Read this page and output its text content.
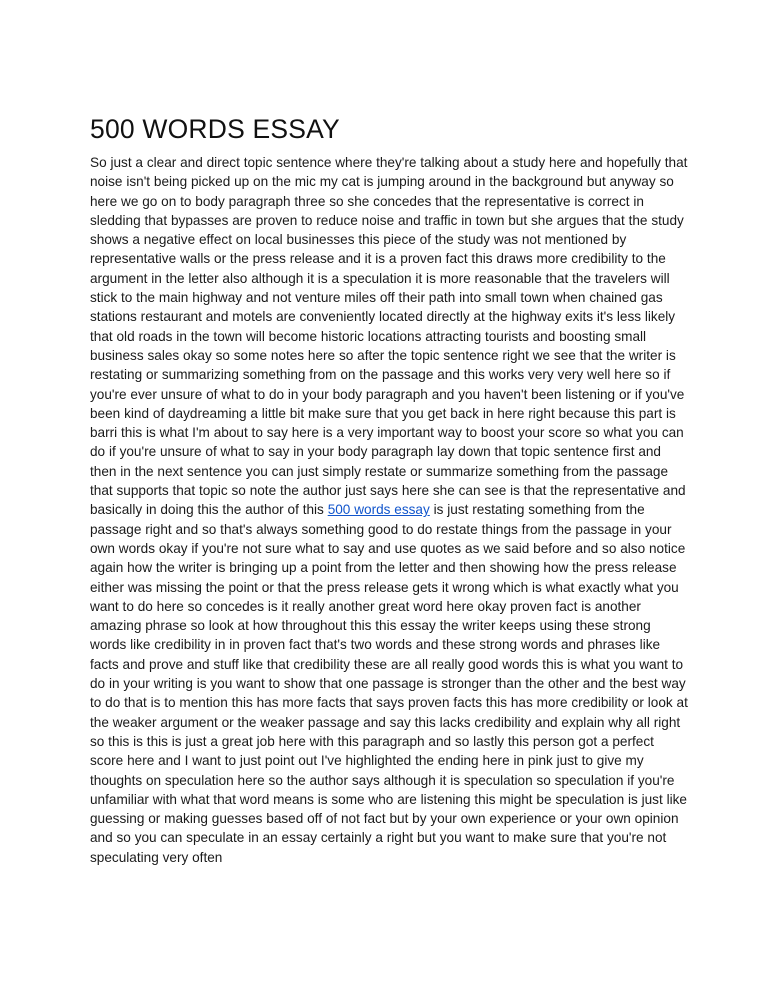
500 WORDS ESSAY

So just a clear and direct topic sentence where they're talking about a study here and hopefully that noise isn't being picked up on the mic my cat is jumping around in the background but anyway so here we go on to body paragraph three so she concedes that the representative is correct in sledding that bypasses are proven to reduce noise and traffic in town but she argues that the study shows a negative effect on local businesses this piece of the study was not mentioned by representative walls or the press release and it is a proven fact this draws more credibility to the argument in the letter also although it is a speculation it is more reasonable that the travelers will stick to the main highway and not venture miles off their path into small town when chained gas stations restaurant and motels are conveniently located directly at the highway exits it's less likely that old roads in the town will become historic locations attracting tourists and boosting small business sales okay so some notes here so after the topic sentence right we see that the writer is restating or summarizing something from on the passage and this works very very well here so if you're ever unsure of what to do in your body paragraph and you haven't been listening or if you've been kind of daydreaming a little bit make sure that you get back in here right because this part is barri this is what I'm about to say here is a very important way to boost your score so what you can do if you're unsure of what to say in your body paragraph lay down that topic sentence first and then in the next sentence you can just simply restate or summarize something from the passage that supports that topic so note the author just says here she can see is that the representative and basically in doing this the author of this 500 words essay is just restating something from the passage right and so that's always something good to do restate things from the passage in your own words okay if you're not sure what to say and use quotes as we said before and so also notice again how the writer is bringing up a point from the letter and then showing how the press release either was missing the point or that the press release gets it wrong which is what exactly what you want to do here so concedes is it really another great word here okay proven fact is another amazing phrase so look at how throughout this this essay the writer keeps using these strong words like credibility in in proven fact that's two words and these strong words and phrases like facts and prove and stuff like that credibility these are all really good words this is what you want to do in your writing is you want to show that one passage is stronger than the other and the best way to do that is to mention this has more facts that says proven facts this has more credibility or look at the weaker argument or the weaker passage and say this lacks credibility and explain why all right so this is this is just a great job here with this paragraph and so lastly this person got a perfect score here and I want to just point out I've highlighted the ending here in pink just to give my thoughts on speculation here so the author says although it is speculation so speculation if you're unfamiliar with what that word means is some who are listening this might be speculation is just like guessing or making guesses based off of not fact but by your own experience or your own opinion and so you can speculate in an essay certainly a right but you want to make sure that you're not speculating very often
